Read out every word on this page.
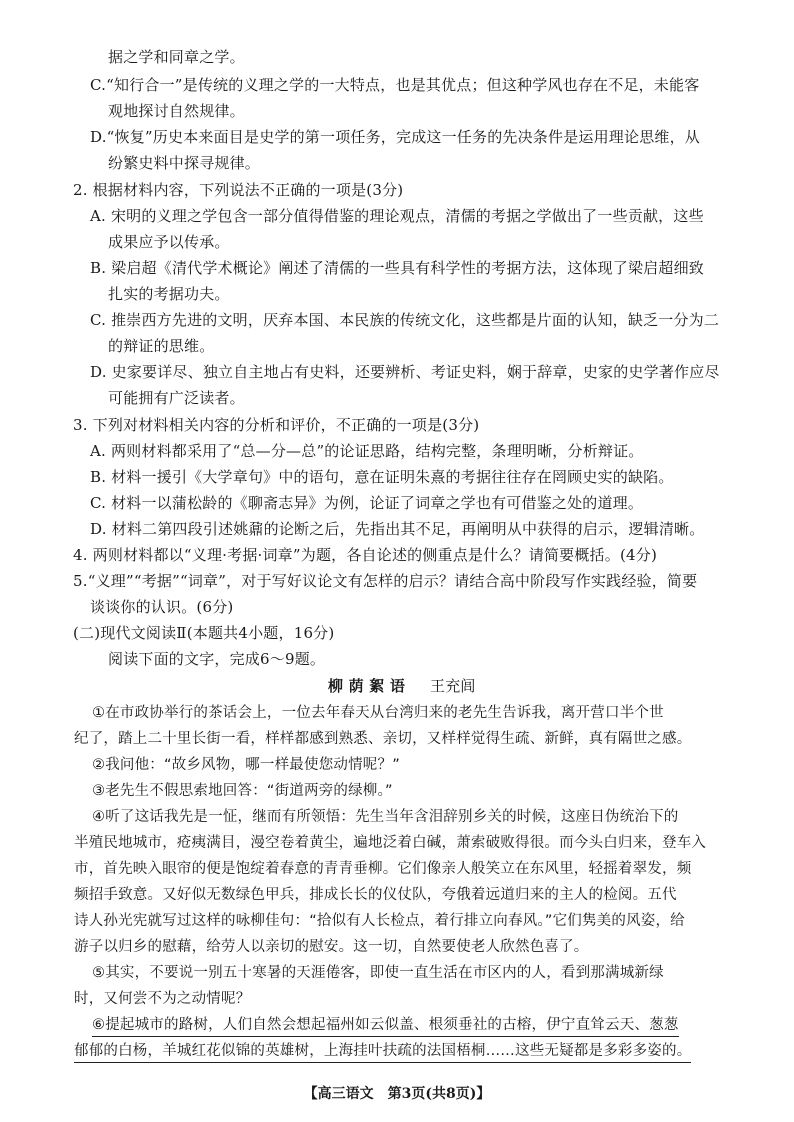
据之学和同章之学。
C.“知行合一”是传统的义理之学的一大特点，也是其优点；但这种学风也存在不足，未能客
观地探讨自然规律。
D.“恢复”历史本来面目是史学的第一项任务，完成这一任务的先决条件是运用理论思维，从
纷繁史料中探寻规律。
2. 根据材料内容，下列说法不正确的一项是(3分)
A. 宋明的义理之学包含一部分值得借鉴的理论观点，清儒的考据之学做出了一些贡献，这些
成果应予以传承。
B. 梁启超《清代学术概论》阐述了清儒的一些具有科学性的考据方法，这体现了梁启超细致
扎实的考据功夫。
C. 推崇西方先进的文明，厌弃本国、本民族的传统文化，这些都是片面的认知，缺乏一分为二
的辩证的思维。
D. 史家要详尽、独立自主地占有史料，还要辨析、考证史料，娴于辞章，史家的史学著作应尽
可能拥有广泛读者。
3. 下列对材料相关内容的分析和评价，不正确的一项是(3分)
A. 两则材料都采用了“总—分—总”的论证思路，结构完整，条理明晰，分析辩证。
B. 材料一援引《大学章句》中的语句，意在证明朱熹的考据往往存在罔顾史实的缺陷。
C. 材料一以蒲松龄的《聊斋志异》为例，论证了词章之学也有可借鉴之处的道理。
D. 材料二第四段引述姚鼐的论断之后，先指出其不足，再阐明从中获得的启示，逻辑清晰。
4. 两则材料都以“义理·考据·词章”为题，各自论述的侧重点是什么？请简要概括。(4分)
5.“义理”“考据”“词章”，对于写好议论文有怎样的启示？请结合高中阶段写作实践经验，简要
谈谈你的认识。(6分)
(二)现代文阅读Ⅱ(本题共4小题，16分)
阅读下面的文字，完成6～9题。
柳 荫 絮 语 王充闾
①在市政协举行的茶话会上，一位去年春天从台湾归来的老先生告诉我，离开营口半个世
纪了，踏上二十里长街一看，样样都感到熟悉、亲切，又样样觉得生疏、新鲜，真有隔世之感。
②我问他：“故乡风物，哪一样最使您动情呢？”
③老先生不假思索地回答：“街道两旁的绿柳。”
④听了这话我先是一怔，继而有所领悟：先生当年含泪辞别乡关的时候，这座日伪统治下的
半殖民地城市，疮痍满目，漫空卷着黄尘，遍地泛着白碱，萧索破败得很。而今头白归来，登车入
市，首先映入眼帘的便是饱绽着春意的青青垂柳。它们像亲人般笑立在东风里，轻摇着翠发，频
频招手致意。又好似无数绿色甲兵，排成长长的仪仗队，夸俄着远道归来的主人的检阅。五代
诗人孙光宪就写过这样的咏柳佳句：“拾似有人长检点，着行排立向春风。”它们隽美的风姿，给
游子以归乡的慰藉，给劳人以亲切的慰安。这一切，自然要使老人欣然色喜了。
⑤其实，不要说一别五十寒暑的天涯倦客，即使一直生活在市区内的人，看到那满城新绿
时，又何尝不为之动情呢？
⑥提起城市的路树，人们自然会想起福州如云似盖、根须垂社的古榕，伊宁直耸云天、葱葱
郁郁的白杨，羊城红花似锦的英雄树，上海挂叶扶疏的法国梧桐……这些无疑都是多彩多姿的。
【高三语文　第3页(共8页)】
